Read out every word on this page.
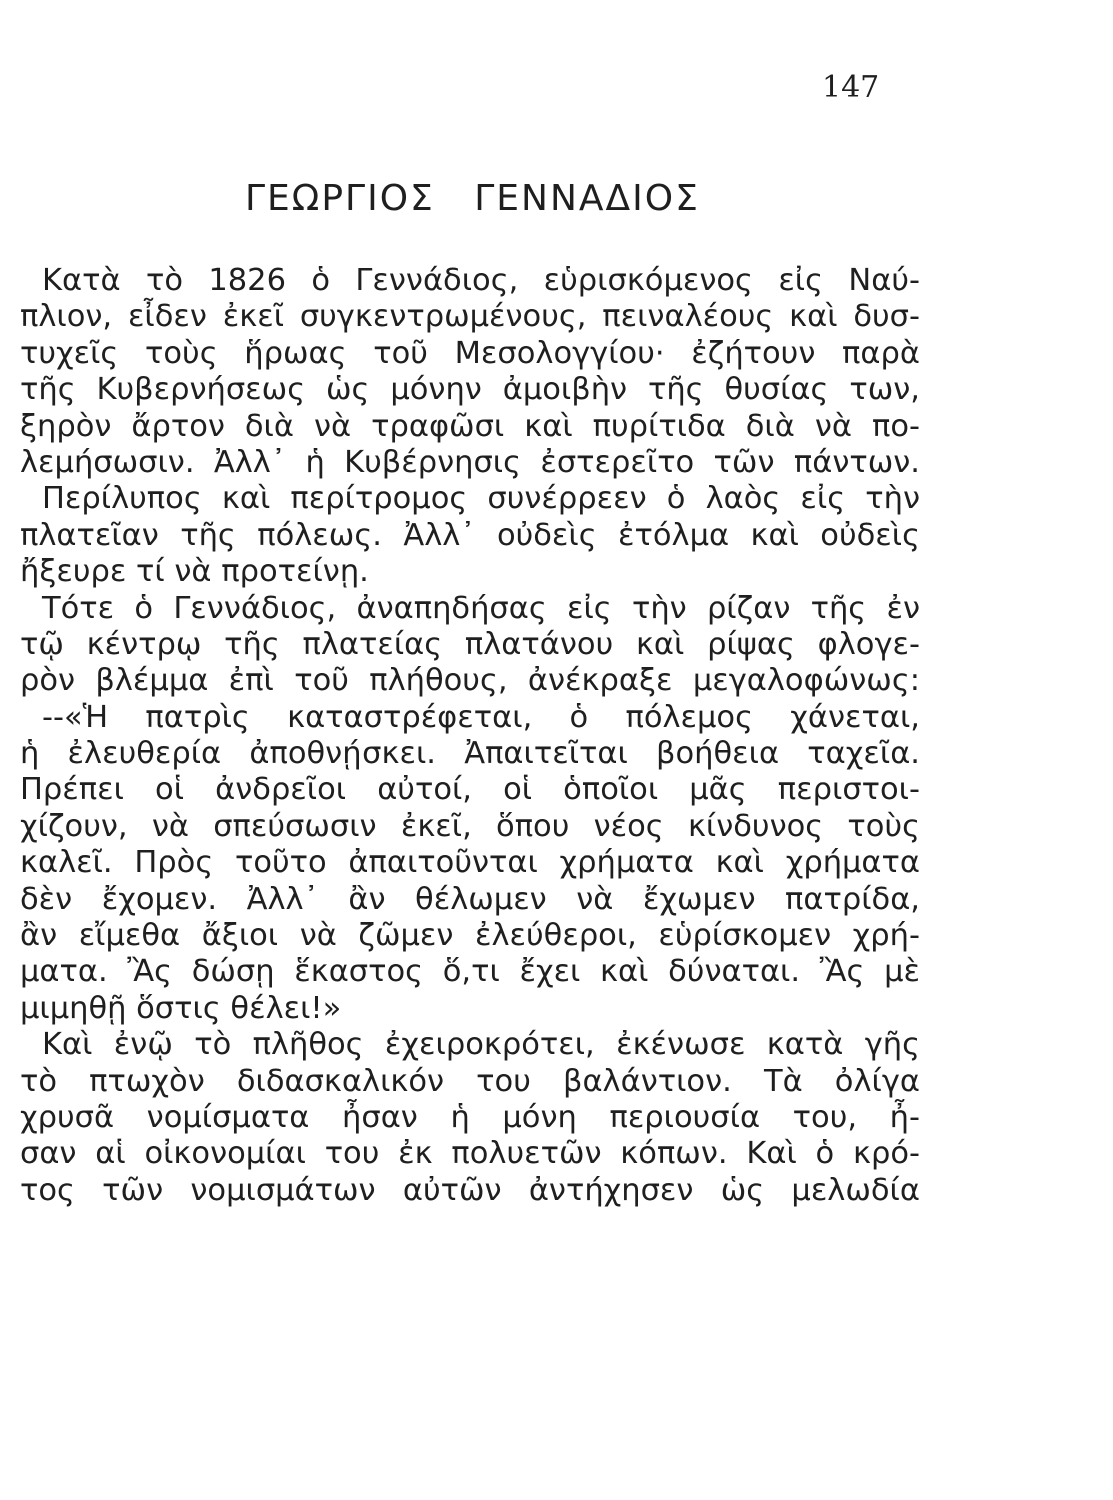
147
ΓΕΩΡΓΙΟΣ ΓΕΝΝΑΔΙΟΣ
Κατὰ τὸ 1826 ὁ Γεννάδιος, εὑρισκόμενος εἰς Ναύ-
πλιον, εἶδεν ἐκεῖ συγκεντρωμένους, πειναλέους καὶ δυσ-
τυχεῖς τοὺς ἥρωας τοῦ Μεσολογγίου· ἐζήτουν παρὰ
τῆς Κυβερνήσεως ὡς μόνην ἀμοιβὴν τῆς θυσίας των,
ξηρὸν ἄρτον διὰ νὰ τραφῶσι καὶ πυρίτιδα διὰ νὰ πο-
λεμήσωσιν. Ἀλλ᾽ ἡ Κυβέρνησις ἐστερεῖτο τῶν πάντων.
Περίλυπος καὶ περίτρομος συνέρρεεν ὁ λαὸς εἰς τὴν
πλατεῖαν τῆς πόλεως. Ἀλλ᾽ οὐδεὶς ἐτόλμα καὶ οὐδεὶς
ἤξευρε τί νὰ προτείνῃ.
Τότε ὁ Γεννάδιος, ἀναπηδήσας εἰς τὴν ρίζαν τῆς ἐν
τῷ κέντρῳ τῆς πλατείας πλατάνου καὶ ρίψας φλογε-
ρὸν βλέμμα ἐπὶ τοῦ πλήθους, ἀνέκραξε μεγαλοφώνως:
--«Ἡ πατρὶς καταστρέφεται, ὁ πόλεμος χάνεται,
ἡ ἐλευθερία ἀποθνῄσκει. Ἀπαιτεῖται βοήθεια ταχεῖα.
Πρέπει οἱ ἀνδρεῖοι αὐτοί, οἱ ὁποῖοι μᾶς περιστοι-
χίζουν, νὰ σπεύσωσιν ἐκεῖ, ὅπου νέος κίνδυνος τοὺς
καλεῖ. Πρὸς τοῦτο ἀπαιτοῦνται χρήματα καὶ χρήματα
δὲν ἔχομεν. Ἀλλ᾽ ἂν θέλωμεν νὰ ἔχωμεν πατρίδα,
ἂν εἴμεθα ἄξιοι νὰ ζῶμεν ἐλεύθεροι, εὑρίσκομεν χρή-
ματα. Ἂς δώσῃ ἕκαστος ὅ,τι ἔχει καὶ δύναται. Ἂς μὲ
μιμηθῇ ὅστις θέλει!»
Καὶ ἐνῷ τὸ πλῆθος ἐχειροκρότει, ἐκένωσε κατὰ γῆς
τὸ πτωχὸν διδασκαλικόν του βαλάντιον. Τὰ ὀλίγα
χρυσᾶ νομίσματα ἦσαν ἡ μόνη περιουσία του, ἦ-
σαν αἱ οἰκονομίαι του ἐκ πολυετῶν κόπων. Καὶ ὁ κρό-
τος τῶν νομισμάτων αὐτῶν ἀντήχησεν ὡς μελωδία
